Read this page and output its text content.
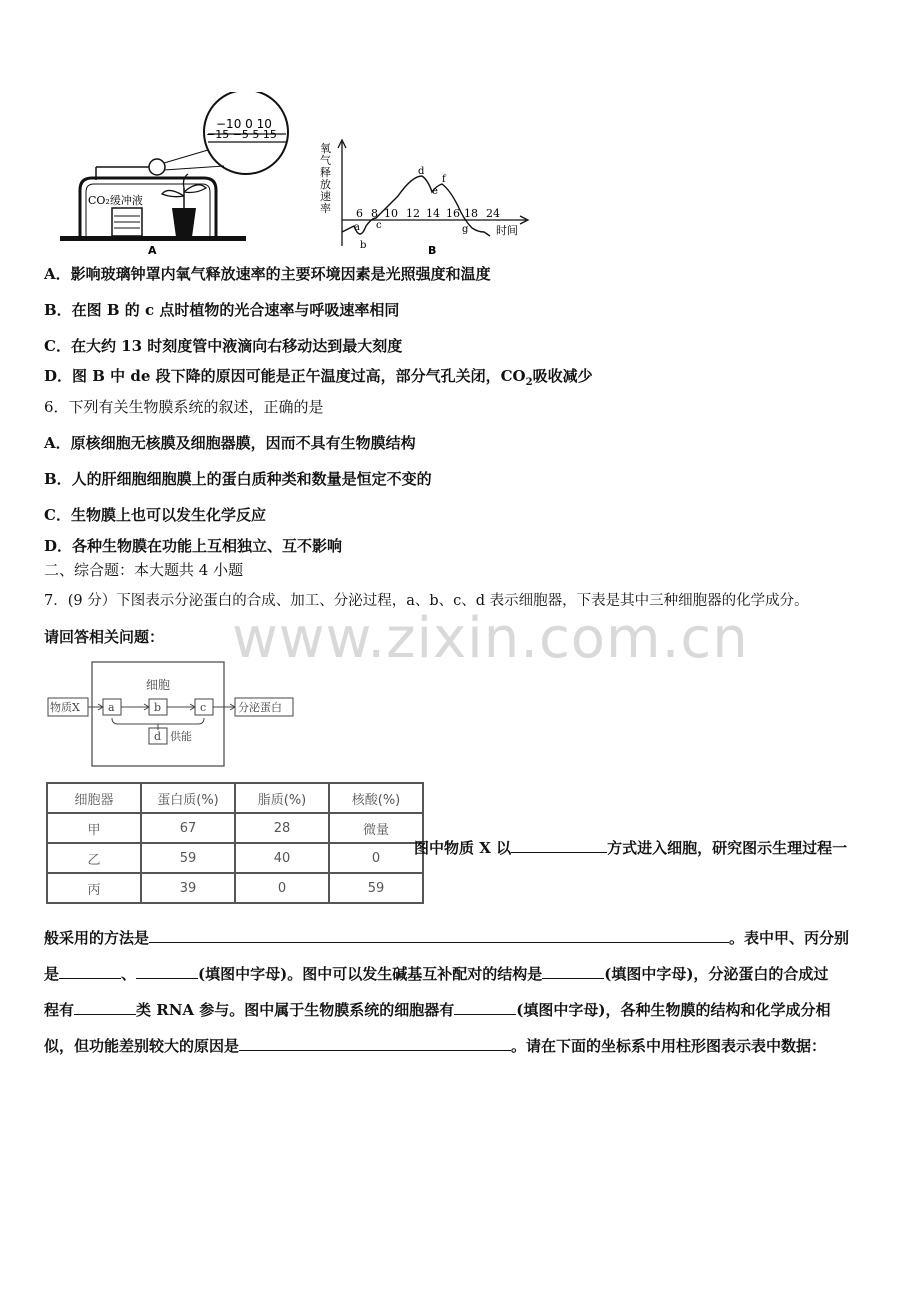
−10 0 10
−15 −5 5 15
CO₂缓冲液
A
氧
气
释
放
速
率 6 8 10 12 14 16 18 24
时间
a
b
c
d
e
f
g
B
A．影响玻璃钟罩内氧气释放速率的主要环境因素是光照强度和温度
B．在图 B 的 c 点时植物的光合速率与呼吸速率相同
C．在大约 13 时刻度管中液滴向右移动达到最大刻度
D．图 B 中 de 段下降的原因可能是正午温度过高，部分气孔关闭，$CO_2$吸收减少
6．下列有关生物膜系统的叙述，正确的是
A．原核细胞无核膜及细胞器膜，因而不具有生物膜结构
B．人的肝细胞细胞膜上的蛋白质种类和数量是恒定不变的
C．生物膜上也可以发生化学反应
D．各种生物膜在功能上互相独立、互不影响
二、综合题：本大题共 4 小题
7．(9 分）下图表示分泌蛋白的合成、加工、分泌过程，a、b、c、d 表示细胞器，下表是其中三种细胞器的化学成分。
请回答相关问题： www.zixin.com.cn
细胞
物质X	a	b	c	分泌蛋白
d 供能
细胞器	蛋白质(%)	脂质(%)	核酸(%)
甲	67	28	微量
乙	59	40	0
丙	39	0	59
图中物质 X 以	方式进入细胞，研究图示生理过程一
般采用的方法是	。表中甲、丙分别
是	、	(填图中字母)。图中可以发生碱基互补配对的结构是	(填图中字母)，分泌蛋白的合成过
程有	类 RNA 参与。图中属于生物膜系统的细胞器有	(填图中字母)，各种生物膜的结构和化学成分相
似，但功能差别较大的原因是	。请在下面的坐标系中用柱形图表示表中数据：
